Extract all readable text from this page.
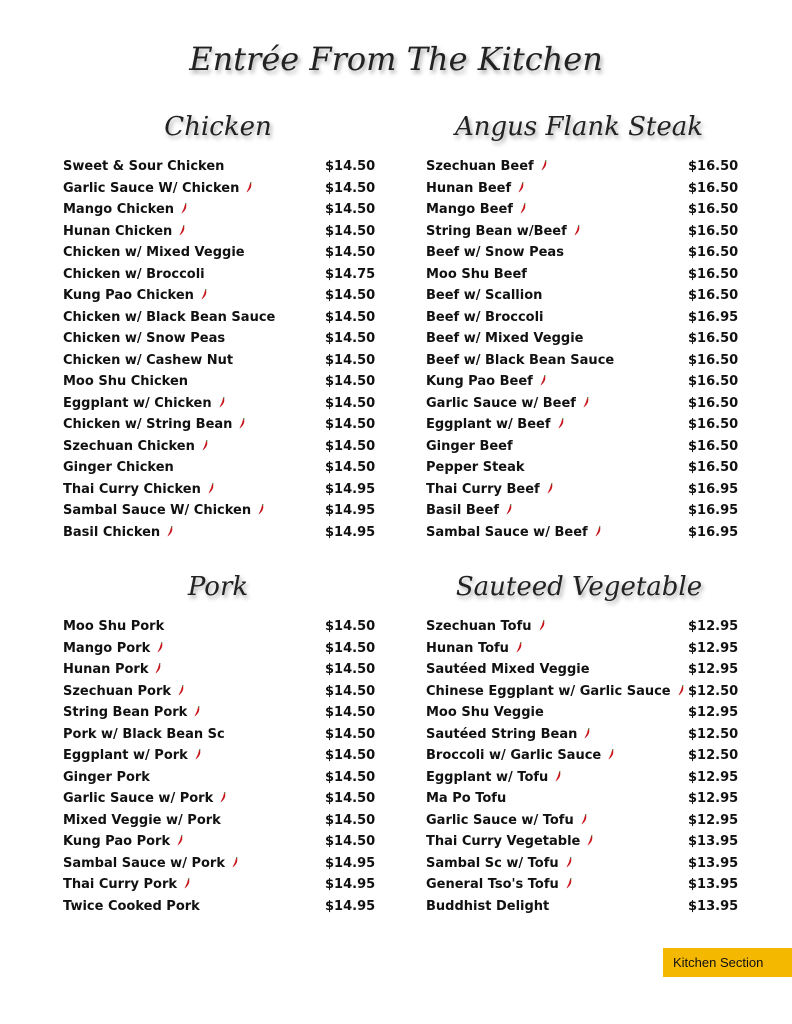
Entrée From The Kitchen
Chicken
Sweet & Sour Chicken	$14.50
Garlic Sauce W/ Chicken	$14.50
Mango Chicken	$14.50
Hunan Chicken	$14.50
Chicken w/ Mixed Veggie	$14.50
Chicken w/ Broccoli	$14.75
Kung Pao Chicken	$14.50
Chicken w/ Black Bean Sauce	$14.50
Chicken w/ Snow Peas	$14.50
Chicken w/ Cashew Nut	$14.50
Moo Shu Chicken	$14.50
Eggplant w/ Chicken	$14.50
Chicken w/ String Bean	$14.50
Szechuan Chicken	$14.50
Ginger Chicken	$14.50
Thai Curry Chicken	$14.95
Sambal Sauce W/ Chicken	$14.95
Basil Chicken	$14.95
Angus Flank Steak
Szechuan Beef	$16.50
Hunan Beef	$16.50
Mango Beef	$16.50
String Bean w/Beef	$16.50
Beef w/ Snow Peas	$16.50
Moo Shu Beef	$16.50
Beef w/ Scallion	$16.50
Beef w/ Broccoli	$16.95
Beef w/ Mixed Veggie	$16.50
Beef w/ Black Bean Sauce	$16.50
Kung Pao Beef	$16.50
Garlic Sauce w/ Beef	$16.50
Eggplant w/ Beef	$16.50
Ginger Beef	$16.50
Pepper Steak	$16.50
Thai Curry Beef	$16.95
Basil Beef	$16.95
Sambal Sauce w/ Beef	$16.95
Pork
Moo Shu Pork	$14.50
Mango Pork	$14.50
Hunan Pork	$14.50
Szechuan Pork	$14.50
String Bean Pork	$14.50
Pork w/ Black Bean Sc	$14.50
Eggplant w/ Pork	$14.50
Ginger Pork	$14.50
Garlic Sauce w/ Pork	$14.50
Mixed Veggie w/ Pork	$14.50
Kung Pao Pork	$14.50
Sambal Sauce w/ Pork	$14.95
Thai Curry Pork	$14.95
Twice Cooked Pork	$14.95
Sauteed Vegetable
Szechuan Tofu	$12.95
Hunan Tofu	$12.95
Sautéed Mixed Veggie	$12.95
Chinese Eggplant w/ Garlic Sauce	$12.50
Moo Shu Veggie	$12.95
Sautéed String Bean	$12.50
Broccoli w/ Garlic Sauce	$12.50
Eggplant w/ Tofu	$12.95
Ma Po Tofu	$12.95
Garlic Sauce w/ Tofu	$12.95
Thai Curry Vegetable	$13.95
Sambal Sc w/ Tofu	$13.95
General Tso's Tofu	$13.95
Buddhist Delight	$13.95
Kitchen Section
